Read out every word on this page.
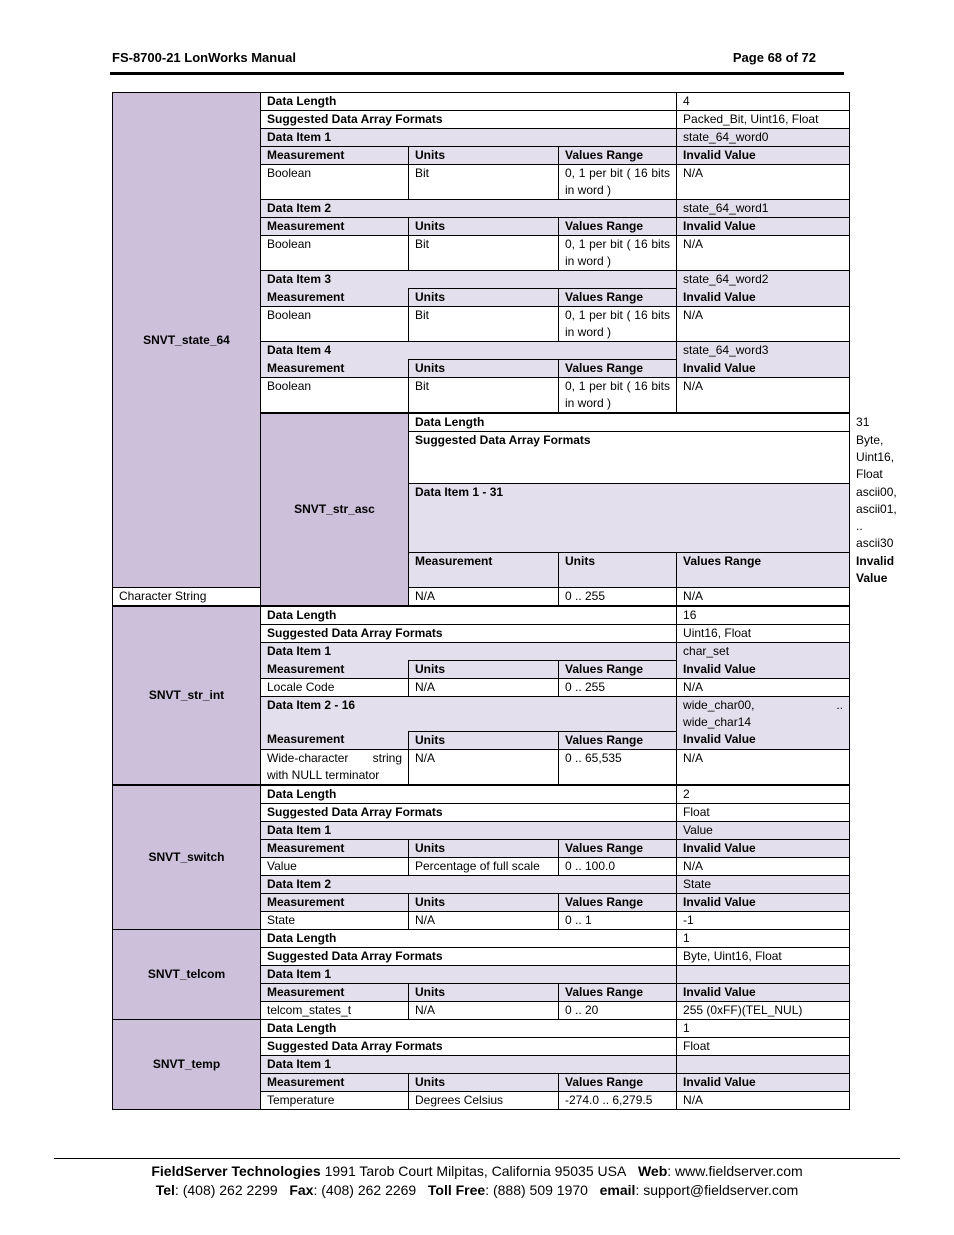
FS-8700-21 LonWorks Manual	Page 68 of 72
SNVT_state_64	Data Length			4	
	Suggested Data Array Formats			Packed_Bit, Uint16, Float	
	Data Item 1			state_64_word0	
	Measurement	Units	Values Range	Invalid Value	
	Boolean	Bit	0, 1 per bit ( 16 bits in word )	N/A	
	Data Item 2			state_64_word1	
	Measurement	Units	Values Range	Invalid Value	
	Boolean	Bit	0, 1 per bit ( 16 bits in word )	N/A	
	Data Item 3			state_64_word2	
	Measurement	Units	Values Range	Invalid Value	
	Boolean	Bit	0, 1 per bit ( 16 bits in word )	N/A	
	Data Item 4			state_64_word3	
	Measurement	Units	Values Range	Invalid Value	
	Boolean	Bit	0, 1 per bit ( 16 bits in word )	N/A	
	SNVT_str_asc	Data Length			31
		Suggested Data Array Formats			Byte, Uint16, Float
		Data Item 1 - 31			ascii00, ascii01, .. ascii30
		Measurement	Units	Values Range	Invalid Value
Character String		N/A	0 .. 255	N/A	
SNVT_str_int	Data Length			16	
	Suggested Data Array Formats			Uint16, Float	
	Data Item 1			char_set	
	Measurement	Units	Values Range	Invalid Value	
	Locale Code	N/A	0 .. 255	N/A	
	Data Item 2 - 16			wide_char00, ..
wide_char14	

	Measurement	Units	Values Range	Invalid Value	
	Wide-character string with NULL terminator	N/A	0 .. 65,535	N/A	
SNVT_switch	Data Length			2	
	Suggested Data Array Formats			Float	
	Data Item 1			Value	
	Measurement	Units	Values Range	Invalid Value	
	Value	Percentage of full scale	0 .. 100.0	N/A	
	Data Item 2			State	
	Measurement	Units	Values Range	Invalid Value	
	State	N/A	0 .. 1	-1	
SNVT_telcom	Data Length			1	
	Suggested Data Array Formats			Byte, Uint16, Float	
	Data Item 1				
	Measurement	Units	Values Range	Invalid Value	
	telcom_states_t	N/A	0 .. 20	255 (0xFF)(TEL_NUL)	
SNVT_temp	Data Length			1	
	Suggested Data Array Formats			Float	
	Data Item 1				
	Measurement	Units	Values Range	Invalid Value	
	Temperature	Degrees Celsius	-274.0 .. 6,279.5	N/A	
FieldServer Technologies 1991 Tarob Court Milpitas, California 95035 USA Web: www.fieldserver.com
Tel: (408) 262 2299 Fax: (408) 262 2269 Toll Free: (888) 509 1970 email: support@fieldserver.com
